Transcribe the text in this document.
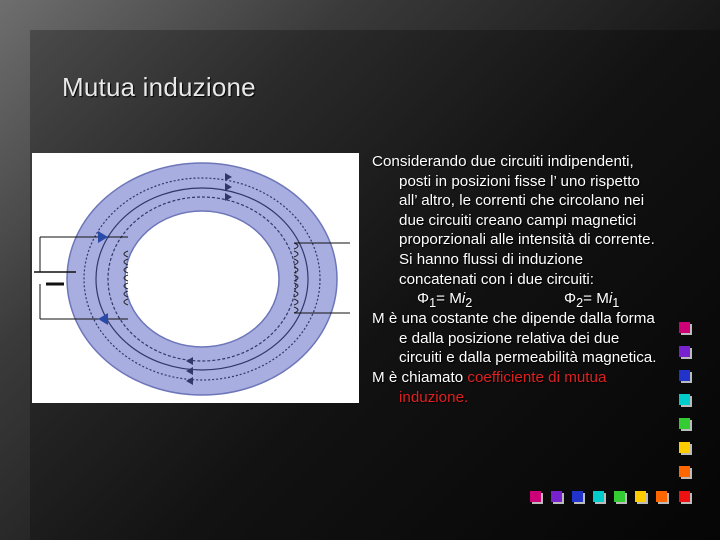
Mutua induzione

Considerando due circuiti indipendenti, posti in posizioni fisse l’ uno rispetto all’ altro, le correnti che circolano nei due circuiti creano campi magnetici proporzionali alle intensità di corrente. Si hanno flussi di induzione concatenati con i due circuiti:

$\Phi_1= Mi_2$	$\Phi_2= Mi_1$

M è una costante che dipende dalla forma e dalla posizione relativa dei due circuiti e dalla permeabilità magnetica.

M è chiamato coefficiente di mutua induzione.
